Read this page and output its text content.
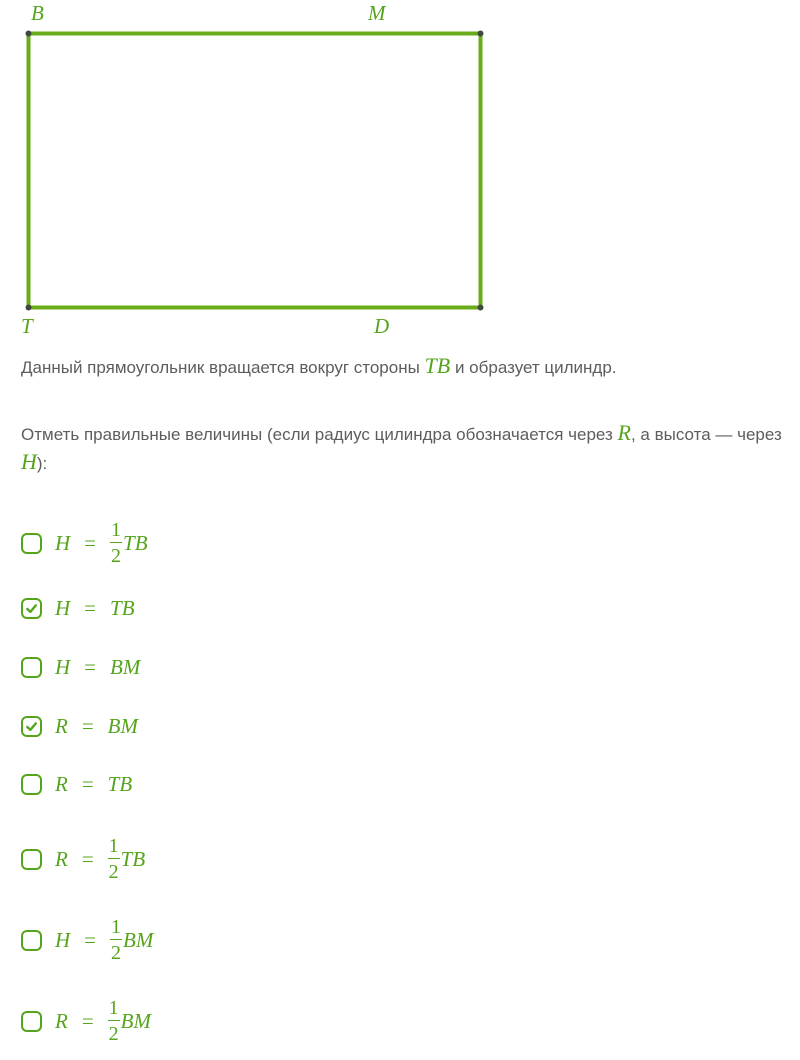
B	M
T	D

Данный прямоугольник вращается вокруг стороны TB и образует цилиндр.

Отметь правильные величины (если радиус цилиндра обозначается через R, а высота — через H):

$H = \frac{1}{2}$ TB
H = TB
H = BM
R = BM
R = TB
$R = \frac{1}{2}$ TB
$H = \frac{1}{2}$ BM
$R = \frac{1}{2}$ BM
